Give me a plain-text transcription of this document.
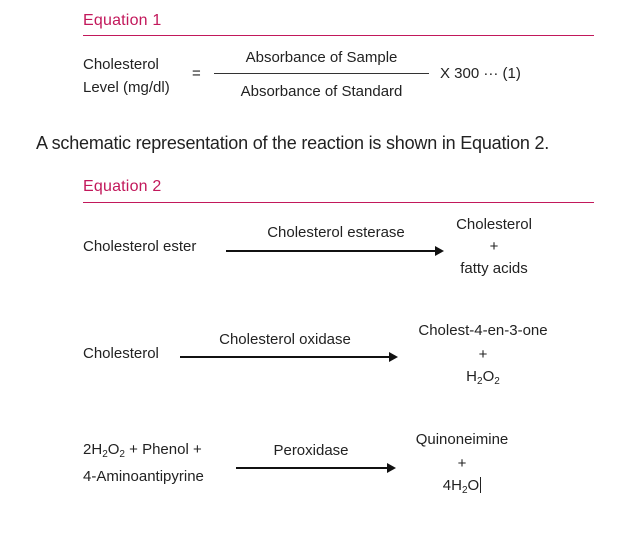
Equation 1
Cholesterol
Level (mg/dl)
=
Absorbance of Sample
Absorbance of Standard
X 300 ··· (1)
A schematic representation of the reaction is shown in Equation 2.
Equation 2
Cholesterol ester
Cholesterol esterase	Cholesterol
+
fatty acids
Cholesterol
Cholesterol oxidase
Cholest-4-en-3-one
+
$H_2O_2$
$2H_2O_2$ + Phenol +
4-Aminoantipyrine
Peroxidase
Quinoneimine
+
$4H_2O$
